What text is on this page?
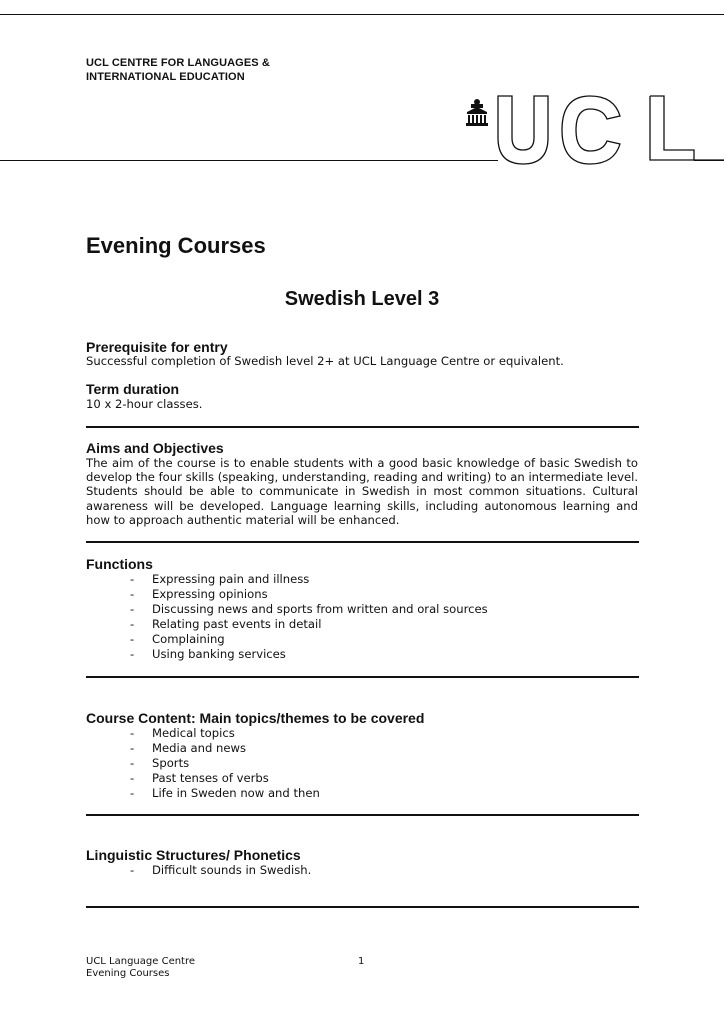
UCL CENTRE FOR LANGUAGES &
INTERNATIONAL EDUCATION
Evening Courses
Swedish Level 3
Prerequisite for entry
Successful completion of Swedish level 2+ at UCL Language Centre or equivalent.
Term duration
10 x 2-hour classes.
Aims and Objectives
The aim of the course is to enable students with a good basic knowledge of basic Swedish to develop the four skills (speaking, understanding, reading and writing) to an intermediate level. Students should be able to communicate in Swedish in most common situations. Cultural awareness will be developed. Language learning skills, including autonomous learning and how to approach authentic material will be enhanced.
Functions
- Expressing pain and illness
- Expressing opinions
- Discussing news and sports from written and oral sources
- Relating past events in detail
- Complaining
- Using banking services
Course Content: Main topics/themes to be covered
- Medical topics
- Media and news
- Sports
- Past tenses of verbs
- Life in Sweden now and then
Linguistic Structures/ Phonetics
- Difficult sounds in Swedish.
UCL Language Centre
Evening Courses
1
